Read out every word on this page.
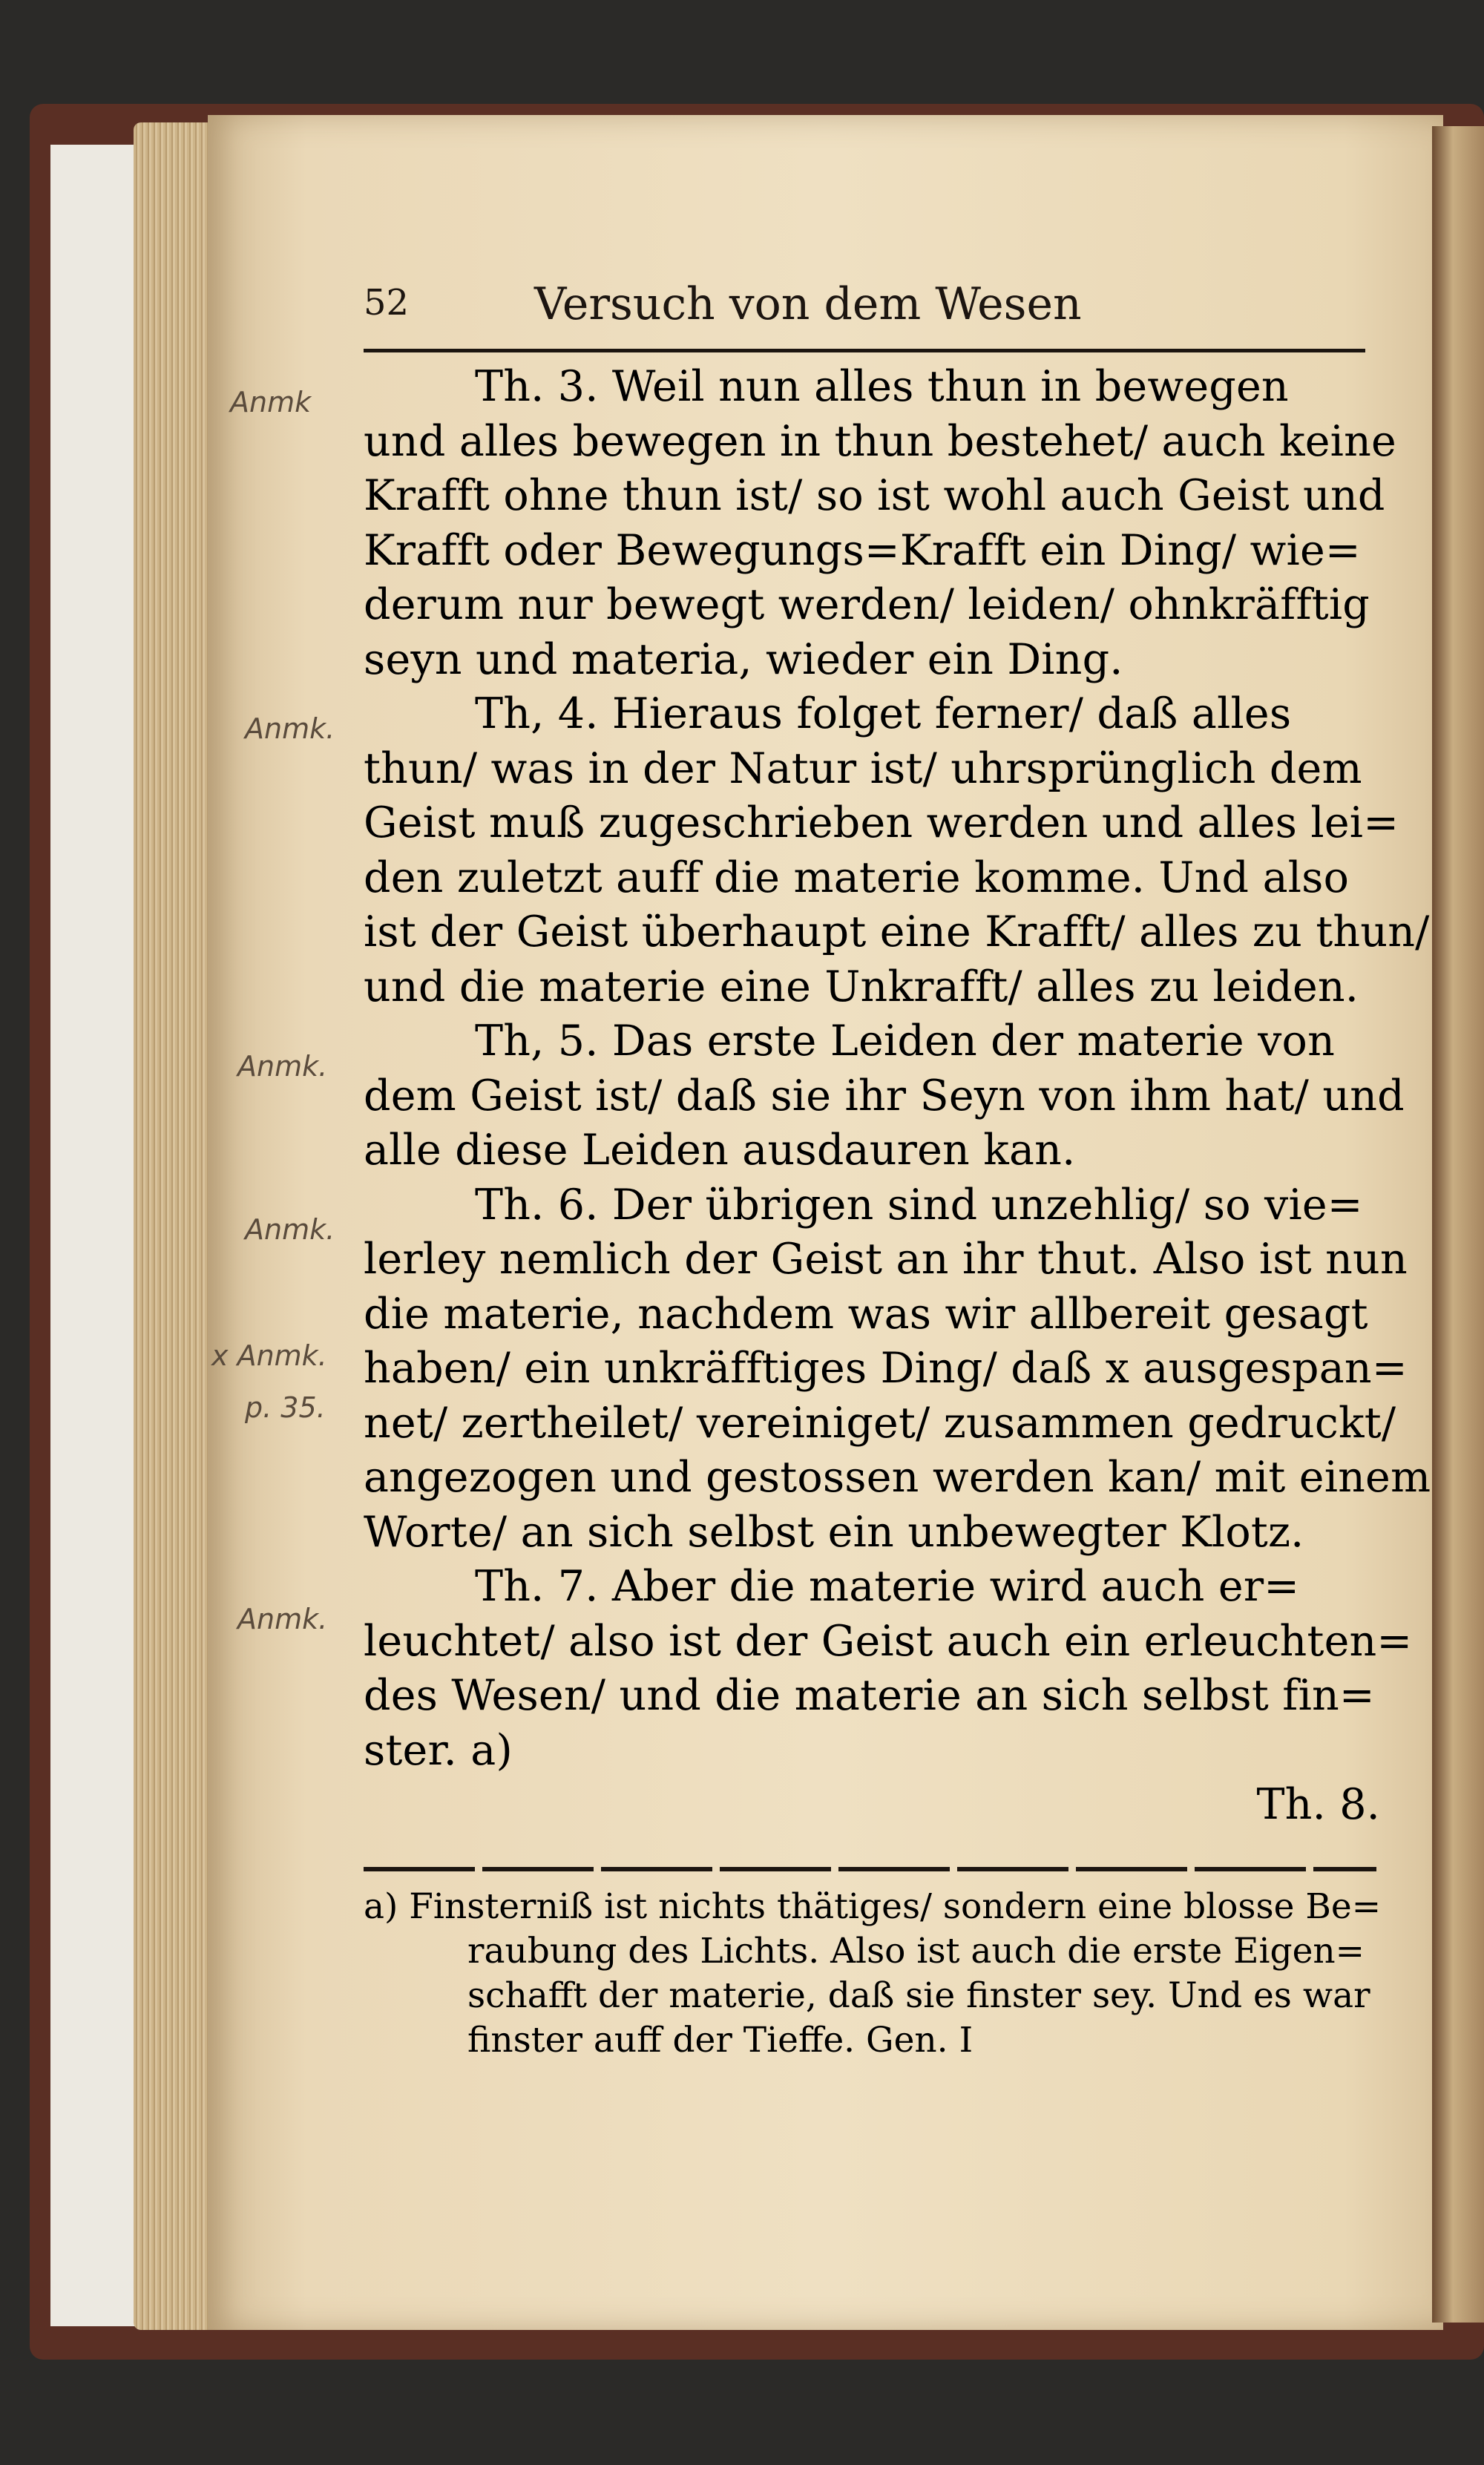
52	Versuch von dem Wesen
Anmk
Anmk.
Anmk.
Anmk.
x Anmk.
p. 35.
Anmk.
Th. 3. Weil nun alles thun in bewegen
und alles bewegen in thun bestehet/ auch keine
Krafft ohne thun ist/ so ist wohl auch Geist und
Krafft oder Bewegungs=Krafft ein Ding/ wie=
derum nur bewegt werden/ leiden/ ohnkräfftig
seyn und materia, wieder ein Ding.
Th, 4. Hieraus folget ferner/ daß alles
thun/ was in der Natur ist/ uhrsprünglich dem
Geist muß zugeschrieben werden und alles lei=
den zuletzt auff die materie komme. Und also
ist der Geist überhaupt eine Krafft/ alles zu thun/
und die materie eine Unkrafft/ alles zu leiden.
Th, 5. Das erste Leiden der materie von
dem Geist ist/ daß sie ihr Seyn von ihm hat/ und
alle diese Leiden ausdauren kan.
Th. 6. Der übrigen sind unzehlig/ so vie=
lerley nemlich der Geist an ihr thut. Also ist nun
die materie, nachdem was wir allbereit gesagt
haben/ ein unkräfftiges Ding/ daß x ausgespan=
net/ zertheilet/ vereiniget/ zusammen gedruckt/
angezogen und gestossen werden kan/ mit einem
Worte/ an sich selbst ein unbewegter Klotz.
Th. 7. Aber die materie wird auch er=
leuchtet/ also ist der Geist auch ein erleuchten=
des Wesen/ und die materie an sich selbst fin=
ster. a)
Th. 8.
a) Finsterniß ist nichts thätiges/ sondern eine blosse Be=
raubung des Lichts. Also ist auch die erste Eigen=
schafft der materie, daß sie finster sey. Und es war
finster auff der Tieffe. Gen. I
